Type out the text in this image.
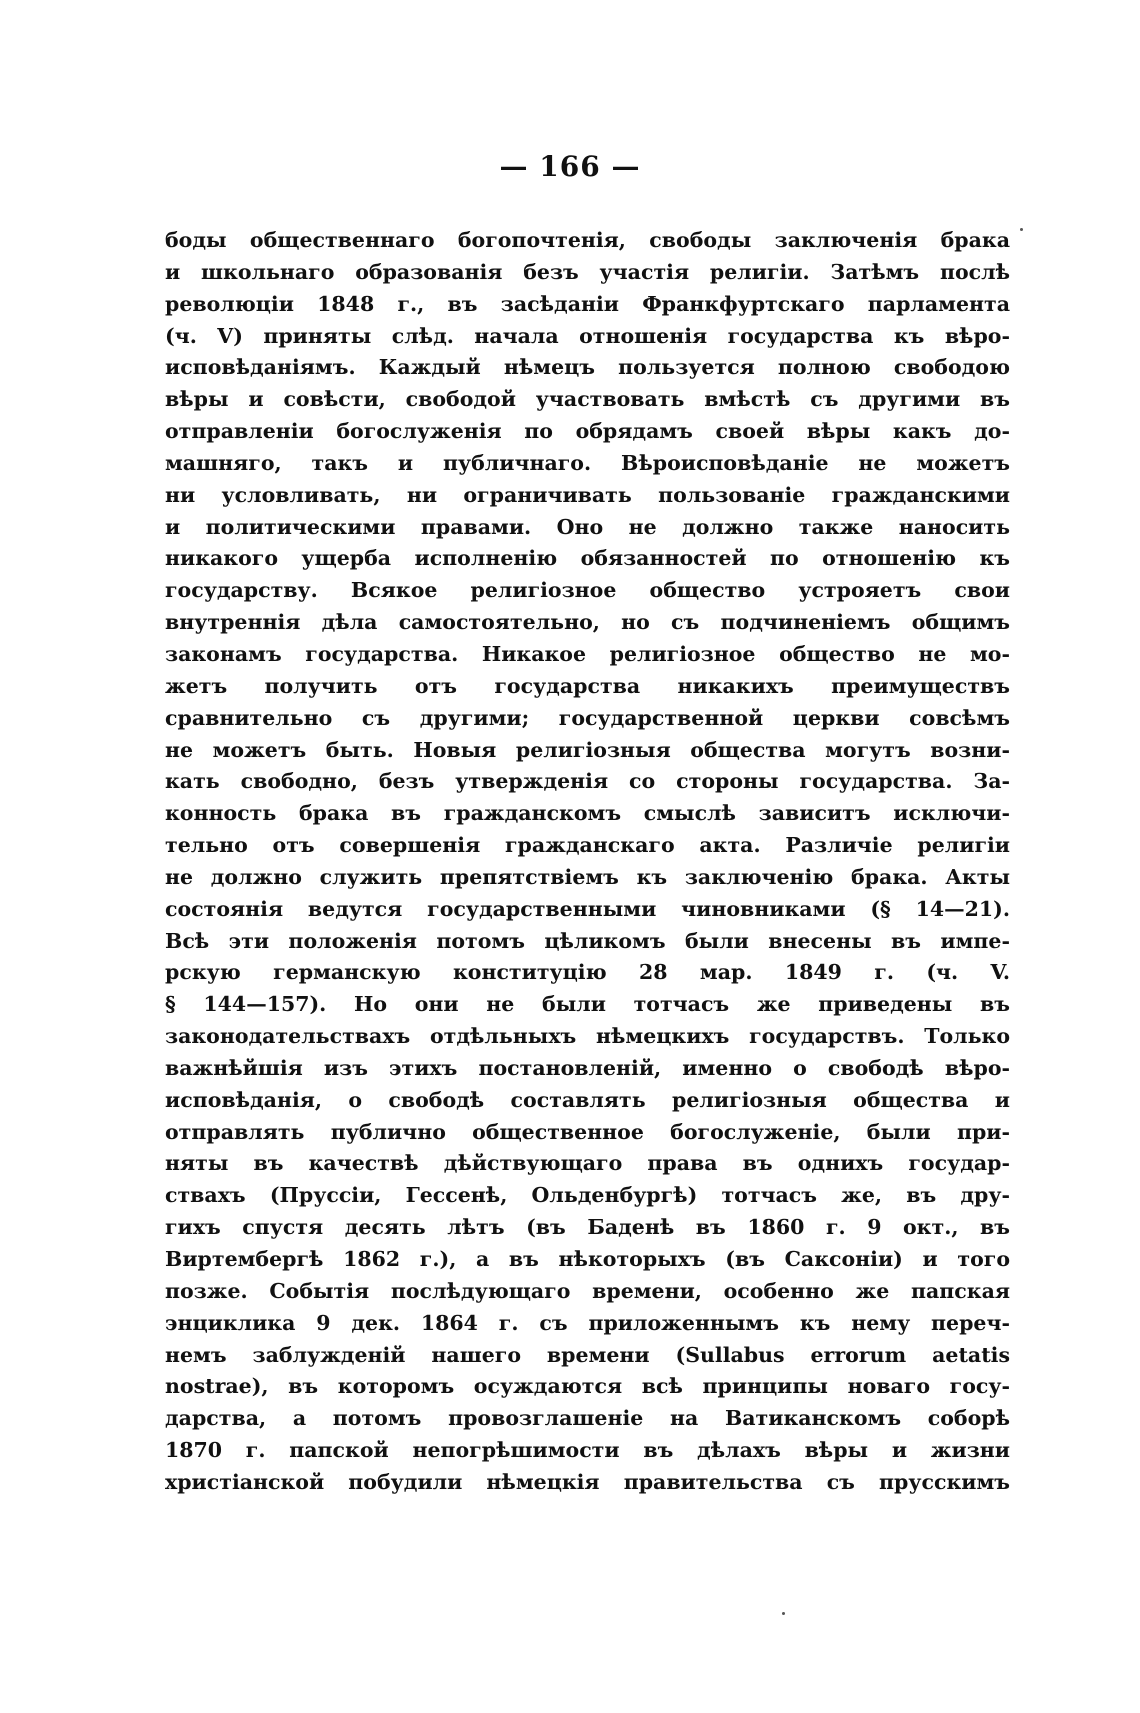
— 166 —
боды общественнаго богопочтенія, свободы заключенія брака
и школьнаго образованія безъ участія религіи. Затѣмъ послѣ
революціи 1848 г., въ засѣданіи Франкфуртскаго парламента
(ч. V) приняты слѣд. начала отношенія государства къ вѣро-
исповѣданіямъ. Каждый нѣмецъ пользуется полною свободою
вѣры и совѣсти, свободой участвовать вмѣстѣ съ другими въ
отправленіи богослуженія по обрядамъ своей вѣры какъ до-
машняго, такъ и публичнаго. Вѣроисповѣданіе не можетъ
ни условливать, ни ограничивать пользованіе гражданскими
и политическими правами. Оно не должно также наносить
никакого ущерба исполненію обязанностей по отношенію къ
государству. Всякое религіозное общество устрояетъ свои
внутреннія дѣла самостоятельно, но съ подчиненіемъ общимъ
законамъ государства. Никакое религіозное общество не мо-
жетъ получить отъ государства никакихъ преимуществъ
сравнительно съ другими; государственной церкви совсѣмъ
не можетъ быть. Новыя религіозныя общества могутъ возни-
кать свободно, безъ утвержденія со стороны государства. За-
конность брака въ гражданскомъ смыслѣ зависитъ исключи-
тельно отъ совершенія гражданскаго акта. Различіе религіи
не должно служить препятствіемъ къ заключенію брака. Акты
состоянія ведутся государственными чиновниками (§ 14—21).
Всѣ эти положенія потомъ цѣликомъ были внесены въ импе-
рскую германскую конституцію 28 мар. 1849 г. (ч. V.
§ 144—157). Но они не были тотчасъ же приведены въ
законодательствахъ отдѣльныхъ нѣмецкихъ государствъ. Только
важнѣйшія изъ этихъ постановленій, именно о свободѣ вѣро-
исповѣданія, о свободѣ составлять религіозныя общества и
отправлять публично общественное богослуженіе, были при-
няты въ качествѣ дѣйствующаго права въ однихъ государ-
ствахъ (Пруссіи, Гессенѣ, Ольденбургѣ) тотчасъ же, въ дру-
гихъ спустя десять лѣтъ (въ Баденѣ въ 1860 г. 9 окт., въ
Виртембергѣ 1862 г.), а въ нѣкоторыхъ (въ Саксоніи) и того
позже. Событія послѣдующаго времени, особенно же папская
энциклика 9 дек. 1864 г. съ приложеннымъ къ нему переч-
немъ заблужденій нашего времени (Sullabus errorum aetatis
nostrae), въ которомъ осуждаются всѣ принципы новаго госу-
дарства, а потомъ провозглашеніе на Ватиканскомъ соборѣ
1870 г. папской непогрѣшимости въ дѣлахъ вѣры и жизни
христіанской побудили нѣмецкія правительства съ прусскимъ
